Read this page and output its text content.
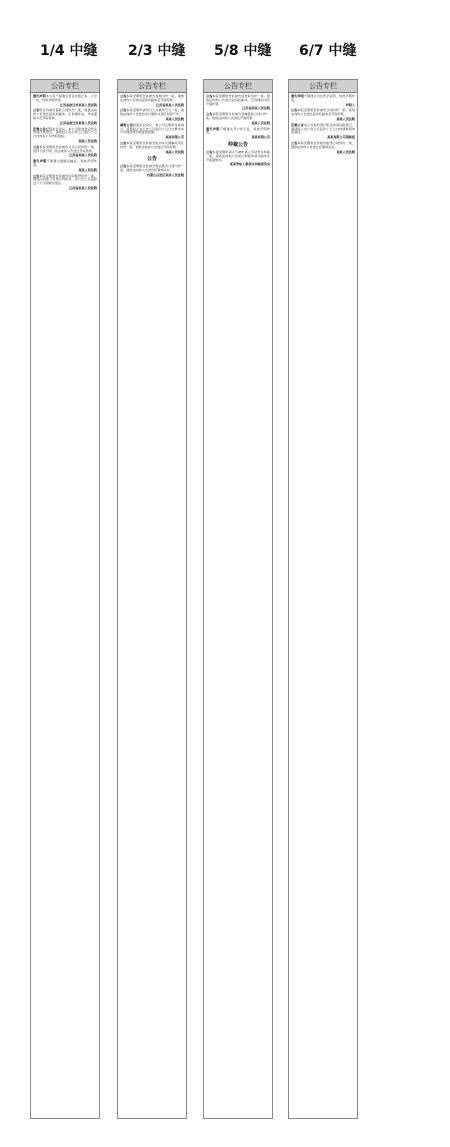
1/4 中缝 2/3 中缝 5/8 中缝 6/7 中缝
公告专栏
遗失声明本公司不慎遗失营业执照正本、公章一枚，特此声明作废。
江苏省宿迁市某某人民法院
公告原告诉被告借款合同纠纷一案，现依法向你公告送达起诉状副本、应诉通知书、举证通知书及开庭传票。
江苏省宿迁市某某人民法院
注销公告经股东会决议，本公司拟向登记机关申请注销登记，请债权人自公告之日起四十五日内向本公司申报债权。
某某人民法院
公告本院受理原告诉被告买卖合同纠纷一案，因你下落不明，依法向你公告送达开庭传票。
江苏省某某人民法院
遗失声明不慎遗失道路运输证，特此声明作废。
某某人民法院
公告本院受理原告诉被告民间借贷纠纷一案，现依法向你公告送达判决书，自公告之日起经过六十日即视为送达。
江苏省某某人民法院
公告专栏
公告本院受理原告诉被告离婚纠纷一案，现依法向你公告送达起诉状副本及开庭传票。
江苏省某某人民法院
公告本院受理申请执行人与被执行人一案，现依法向你公告送达执行通知书及报告财产令。
某某人民法院
减资公告经股东会决议，本公司注册资本拟减少，请债权人自公告之日起四十五日内要求本公司清偿债务或提供担保。
某某有限公司
公告本院受理原告诉被告机动车交通事故责任纠纷一案，现依法向你公告送达开庭传票。
某某人民法院
公告
公告本院受理原告诉被告物业服务合同纠纷一案，现依法向你公告送达民事判决书。
内蒙古自治区某某人民法院
公告专栏
公告本院受理原告诉被告追偿权纠纷一案，现依法向你公告送达起诉状副本、应诉通知书及开庭传票。
江苏省某某人民法院
公告本院受理原告诉被告金融借款合同纠纷一案，现依法向你公告送达开庭传票。
某某人民法院
遗失声明不慎遗失开户许可证，特此声明作废。
某某有限公司
仲裁公告
公告本委受理申请人与被申请人劳动争议仲裁一案，现依法向你公告送达仲裁申请书副本及开庭通知书。
某某劳动人事争议仲裁委员会
公告专栏
遗失声明不慎遗失出生医学证明，特此声明作废。
声明人
公告本院受理原告诉被告合同纠纷一案，现依法向你公告送达起诉状副本及开庭传票。
某某人民法院
注销公告本公司拟向登记机关申请注销登记，请债权人自公告之日起四十五日内向清算组申报债权。
某某有限公司清算组
公告本院受理原告诉被告租赁合同纠纷一案，现依法向你公告送达民事判决书。
某某人民法院
